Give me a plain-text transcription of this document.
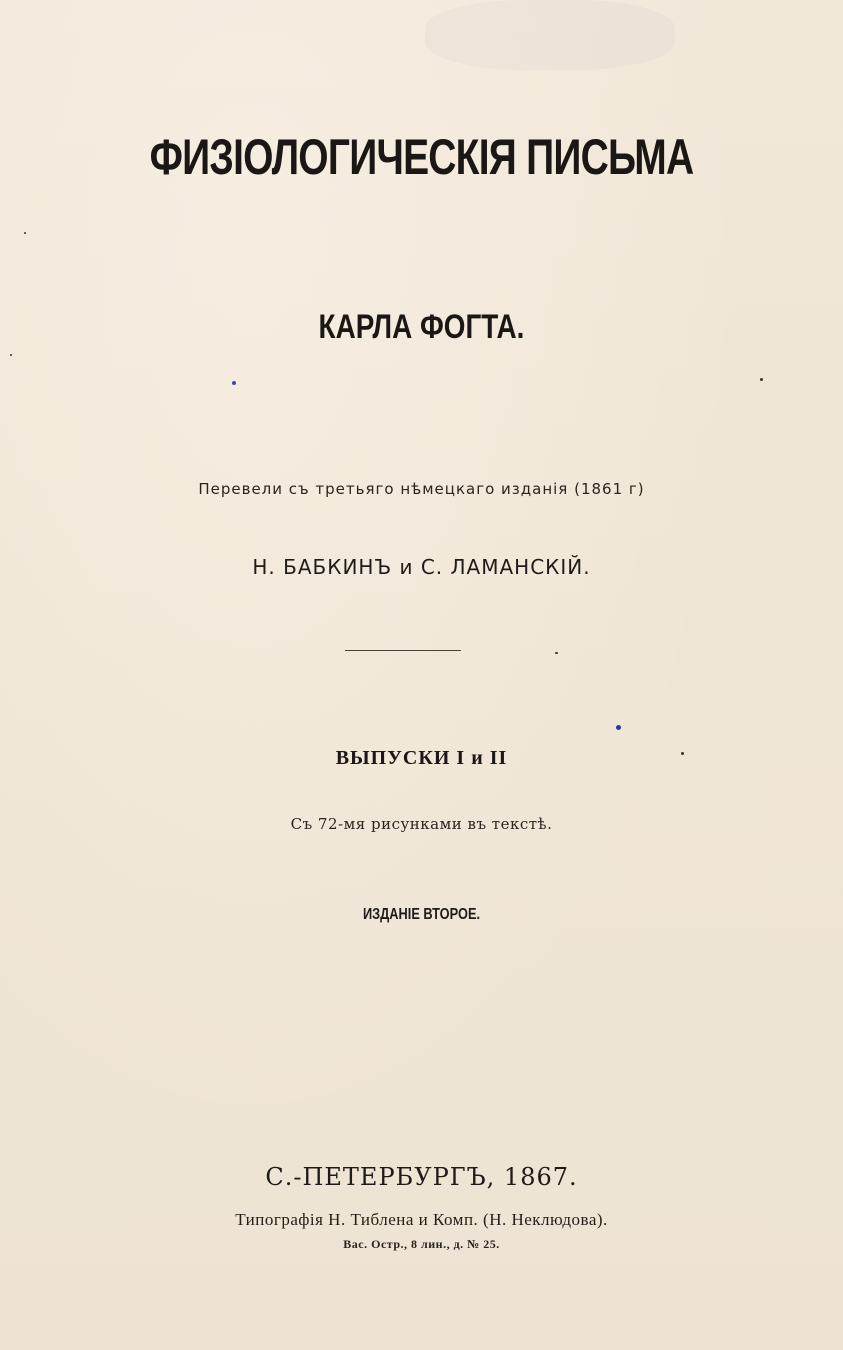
ФИЗІОЛОГИЧЕСКІЯ ПИСЬМА
КАРЛА ФОГТА.
Перевели съ третьяго нѣмецкаго изданія (1861 г)
Н. БАБКИНЪ и С. ЛАМАНСКІЙ.
ВЫПУСКИ I и II
Съ 72-мя рисунками въ текстѣ.
ИЗДАНІЕ ВТОРОЕ.
С.-ПЕТЕРБУРГЪ, 1867.
Типографія Н. Тиблена и Комп. (Н. Неклюдова).
Вас. Остр., 8 лин., д. № 25.
